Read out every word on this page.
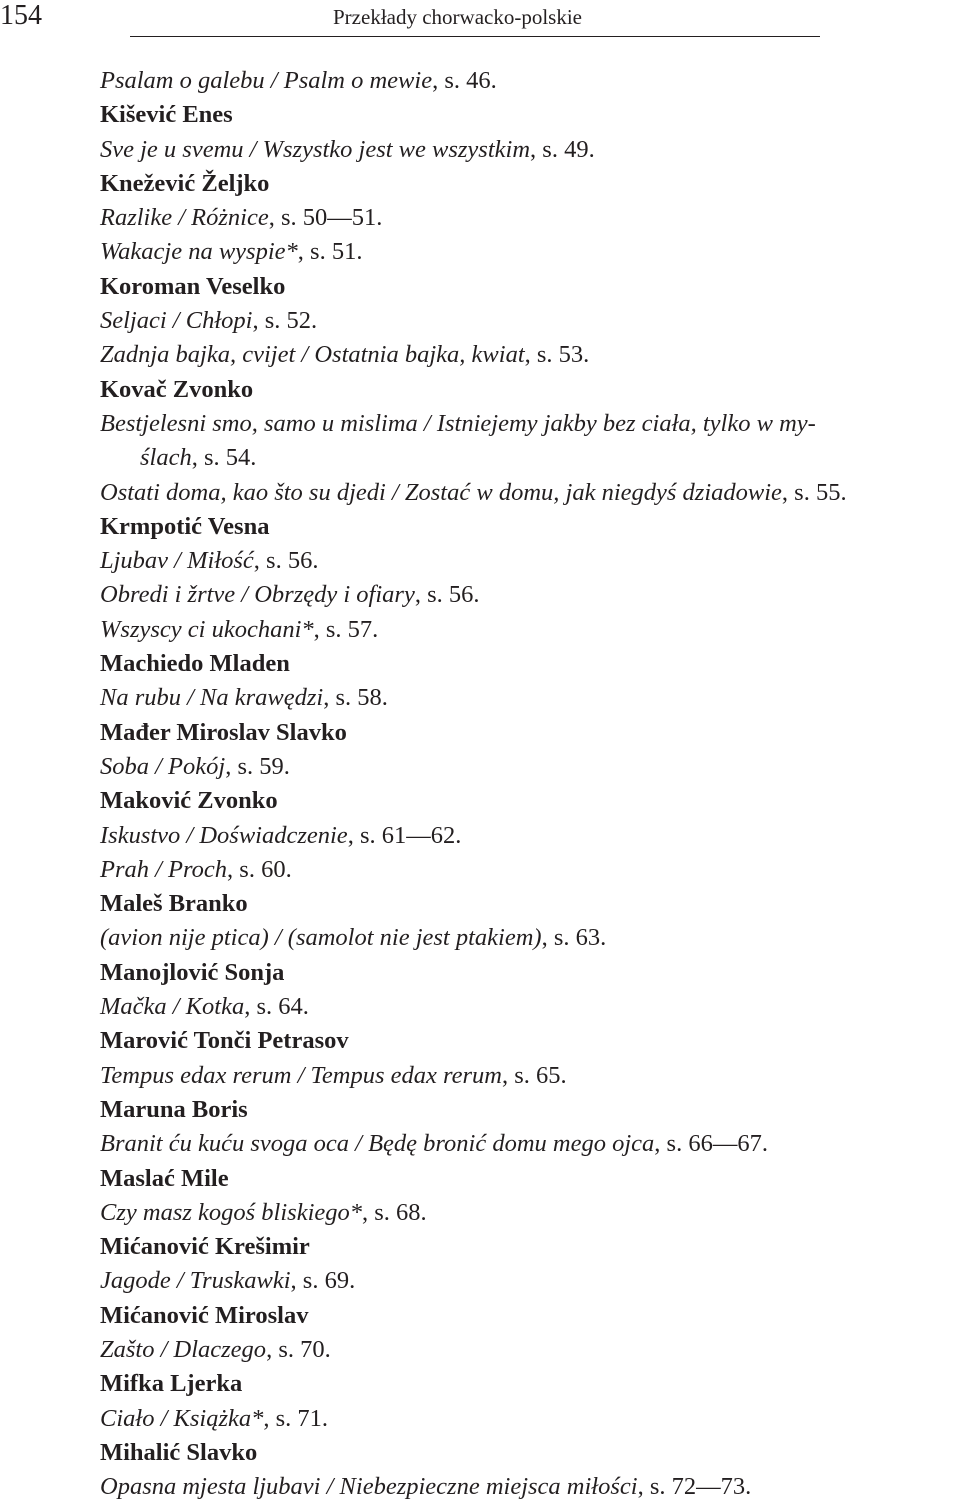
154	Przekłady chorwacko-polskie
Psalam o galebu / Psalm o mewie, s. 46.
Kišević Enes
Sve je u svemu / Wszystko jest we wszystkim, s. 49.
Knežević Željko
Razlike / Różnice, s. 50—51.
Wakacje na wyspie*, s. 51.
Koroman Veselko
Seljaci / Chłopi, s. 52.
Zadnja bajka, cvijet / Ostatnia bajka, kwiat, s. 53.
Kovač Zvonko
Bestjelesni smo, samo u mislima / Istniejemy jakby bez ciała, tylko w my-
ślach, s. 54.
Ostati doma, kao što su djedi / Zostać w domu, jak niegdyś dziadowie, s. 55.
Krmpotić Vesna
Ljubav / Miłość, s. 56.
Obredi i žrtve / Obrzędy i ofiary, s. 56.
Wszyscy ci ukochani*, s. 57.
Machiedo Mladen
Na rubu / Na krawędzi, s. 58.
Mađer Miroslav Slavko
Soba / Pokój, s. 59.
Maković Zvonko
Iskustvo / Doświadczenie, s. 61—62.
Prah / Proch, s. 60.
Maleš Branko
(avion nije ptica) / (samolot nie jest ptakiem), s. 63.
Manojlović Sonja
Mačka / Kotka, s. 64.
Marović Tonči Petrasov
Tempus edax rerum / Tempus edax rerum, s. 65.
Maruna Boris
Branit ću kuću svoga oca / Będę bronić domu mego ojca, s. 66—67.
Maslać Mile
Czy masz kogoś bliskiego*, s. 68.
Mićanović Krešimir
Jagode / Truskawki, s. 69.
Mićanović Miroslav
Zašto / Dlaczego, s. 70.
Mifka Ljerka
Ciało / Książka*, s. 71.
Mihalić Slavko
Opasna mjesta ljubavi / Niebezpieczne miejsca miłości, s. 72—73.
